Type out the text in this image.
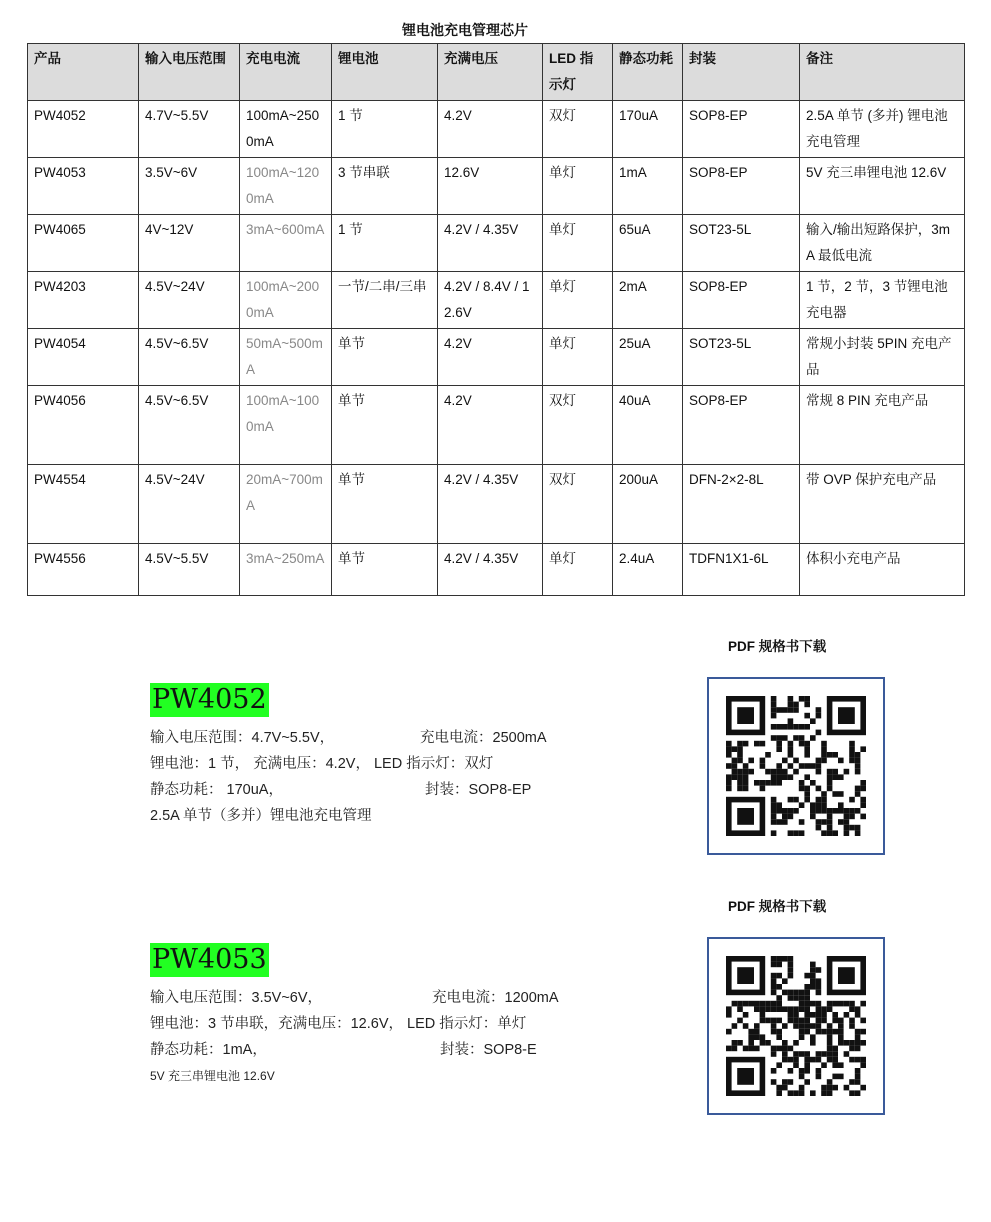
锂电池充电管理芯片
产品	输入电压范围	充电电流	锂电池	充满电压	LED 指示灯	静态功耗	封装	备注
PW4052	4.7V~5.5V	100mA~2500mA	1 节	4.2V	双灯	170uA	SOP8-EP	2.5A 单节 (多并) 锂电池充电管理
PW4053	3.5V~6V	100mA~1200mA	3 节串联	12.6V	单灯	1mA	SOP8-EP	5V 充三串锂电池 12.6V
PW4065	4V~12V	3mA~600mA	1 节	4.2V / 4.35V	单灯	65uA	SOT23-5L	输入/输出短路保护，3mA 最低电流
PW4203	4.5V~24V	100mA~2000mA	一节/二串/三串	4.2V / 8.4V / 12.6V	单灯	2mA	SOP8-EP	1 节，2 节，3 节锂电池充电器
PW4054	4.5V~6.5V	50mA~500mA	单节	4.2V	单灯	25uA	SOT23-5L	常规小封装 5PIN 充电产品
PW4056	4.5V~6.5V	100mA~1000mA	单节	4.2V	双灯	40uA	SOP8-EP	常规 8 PIN 充电产品
PW4554	4.5V~24V	20mA~700mA	单节	4.2V / 4.35V	双灯	200uA	DFN-2×2-8L	带 OVP 保护充电产品
PW4556	4.5V~5.5V	3mA~250mA	单节	4.2V / 4.35V	单灯	2.4uA	TDFN1X1-6L	体积小充电产品
PDF 规格书下载
PW4052
输入电压范围：4.7V~5.5V，	充电电流：2500mA
锂电池：1 节， 充满电压：4.2V， LED 指示灯：双灯
静态功耗： 170uA，	封装：SOP8-EP
2.5A 单节（多并）锂电池充电管理
PDF 规格书下载
PW4053
输入电压范围：3.5V~6V，	充电电流：1200mA
锂电池：3 节串联，充满电压：12.6V， LED 指示灯：单灯
静态功耗：1mA，	封装：SOP8-E
5V 充三串锂电池 12.6V
